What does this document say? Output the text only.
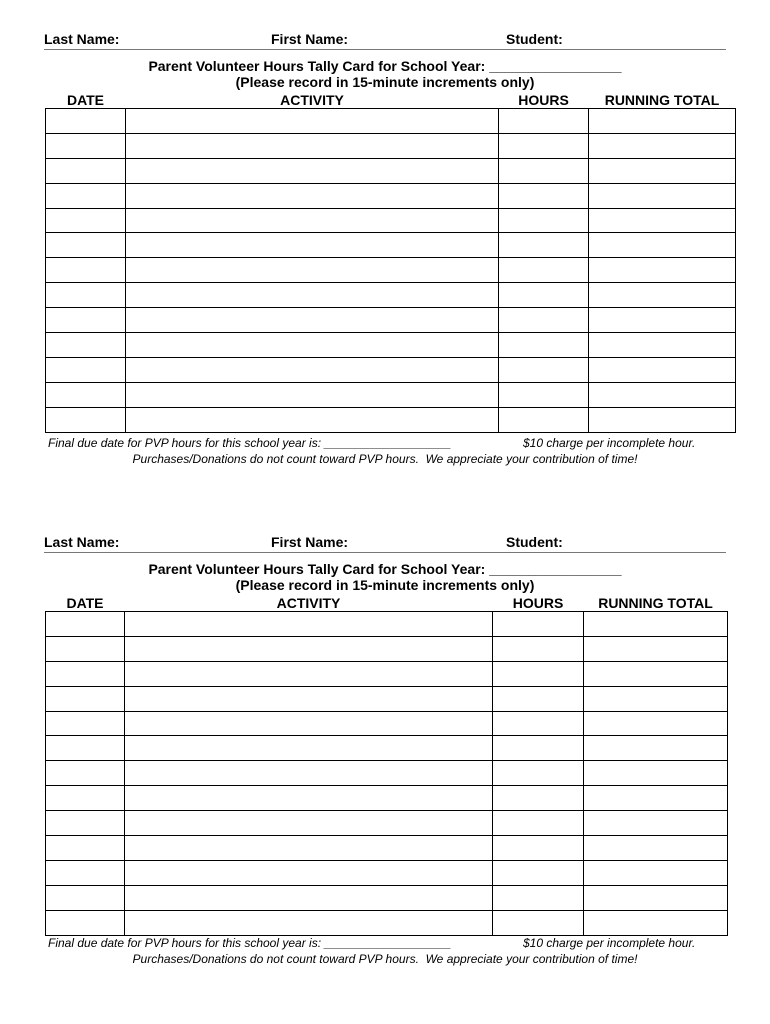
Last Name:	First Name:	Student:
Parent Volunteer Hours Tally Card for School Year: _________________
(Please record in 15-minute increments only)
DATE	ACTIVITY	HOURS	RUNNING TOTAL

Final due date for PVP hours for this school year is: ___________________	$10 charge per incomplete hour.
Purchases/Donations do not count toward PVP hours.  We appreciate your contribution of time!
Last Name:	First Name:	Student:
Parent Volunteer Hours Tally Card for School Year: _________________
(Please record in 15-minute increments only)
DATE	ACTIVITY	HOURS	RUNNING TOTAL

Final due date for PVP hours for this school year is: ___________________	$10 charge per incomplete hour.
Purchases/Donations do not count toward PVP hours.  We appreciate your contribution of time!
